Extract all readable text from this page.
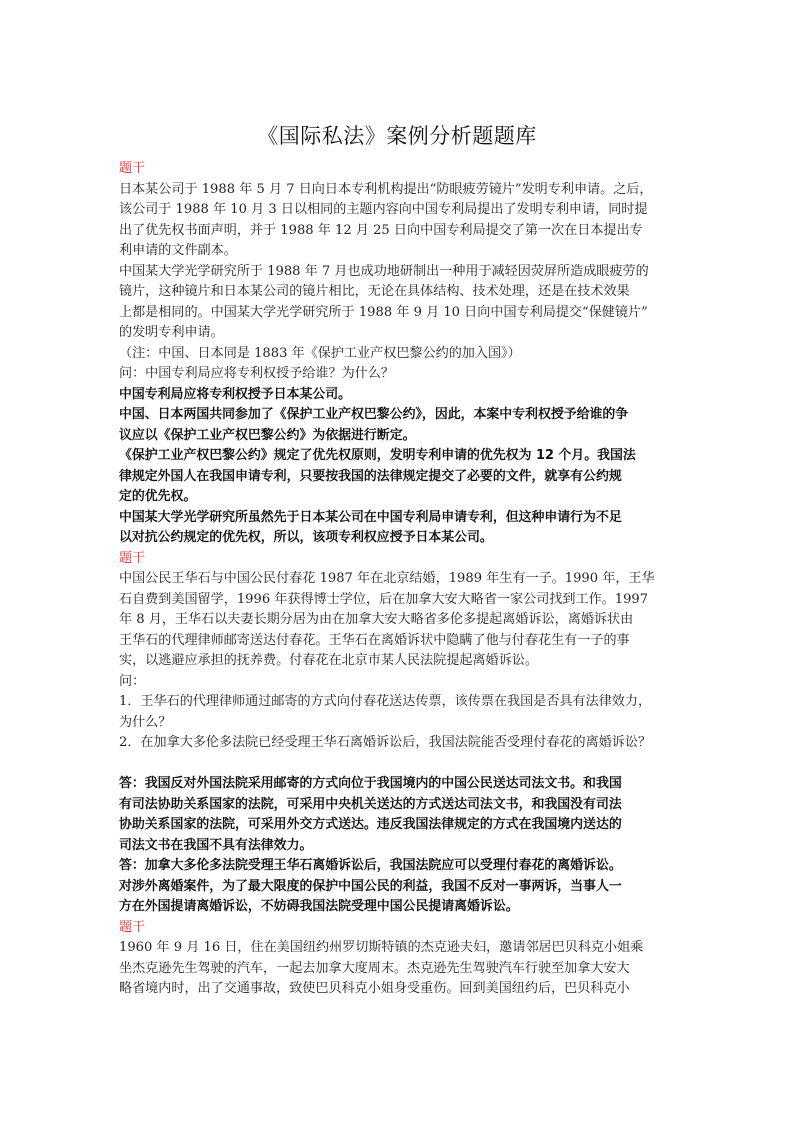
《国际私法》案例分析题题库
题干
日本某公司于 1988 年 5 月 7 日向日本专利机构提出“防眼疲劳镜片”发明专利申请。之后，
该公司于 1988 年 10 月 3 日以相同的主题内容向中国专利局提出了发明专利申请，同时提
出了优先权书面声明，并于 1988 年 12 月 25 日向中国专利局提交了第一次在日本提出专
利申请的文件副本。
中国某大学光学研究所于 1988 年 7 月也成功地研制出一种用于减轻因荧屏所造成眼疲劳的
镜片，这种镜片和日本某公司的镜片相比，无论在具体结构、技术处理，还是在技术效果
上都是相同的。中国某大学光学研究所于 1988 年 9 月 10 日向中国专利局提交“保健镜片”
的发明专利申请。
（注：中国、日本同是 1883 年《保护工业产权巴黎公约的加入国》）
问：中国专利局应将专利权授予给谁？为什么？
中国专利局应将专利权授予日本某公司。
中国、日本两国共同参加了《保护工业产权巴黎公约》，因此，本案中专利权授予给谁的争
议应以《保护工业产权巴黎公约》为依据进行断定。
《保护工业产权巴黎公约》规定了优先权原则，发明专利申请的优先权为 12 个月。我国法
律规定外国人在我国申请专利，只要按我国的法律规定提交了必要的文件，就享有公约规
定的优先权。
中国某大学光学研究所虽然先于日本某公司在中国专利局申请专利，但这种申请行为不足
以对抗公约规定的优先权，所以，该项专利权应授予日本某公司。
题干
中国公民王华石与中国公民付春花 1987 年在北京结婚，1989 年生有一子。1990 年，王华
石自费到美国留学，1996 年获得博士学位，后在加拿大安大略省一家公司找到工作。1997
年 8 月，王华石以夫妻长期分居为由在加拿大安大略省多伦多提起离婚诉讼，离婚诉状由
王华石的代理律师邮寄送达付春花。王华石在离婚诉状中隐瞒了他与付春花生有一子的事
实，以逃避应承担的抚养费。付春花在北京市某人民法院提起离婚诉讼。
问：
1．王华石的代理律师通过邮寄的方式向付春花送达传票，该传票在我国是否具有法律效力，
为什么？
2．在加拿大多伦多法院已经受理王华石离婚诉讼后，我国法院能否受理付春花的离婚诉讼？
答：我国反对外国法院采用邮寄的方式向位于我国境内的中国公民送达司法文书。和我国
有司法协助关系国家的法院，可采用中央机关送达的方式送达司法文书，和我国没有司法
协助关系国家的法院，可采用外交方式送达。违反我国法律规定的方式在我国境内送达的
司法文书在我国不具有法律效力。
答：加拿大多伦多法院受理王华石离婚诉讼后，我国法院应可以受理付春花的离婚诉讼。
对涉外离婚案件，为了最大限度的保护中国公民的利益，我国不反对一事两诉，当事人一
方在外国提请离婚诉讼，不妨碍我国法院受理中国公民提请离婚诉讼。
题干
1960 年 9 月 16 日，住在美国纽约州罗切斯特镇的杰克逊夫妇，邀请邻居巴贝科克小姐乘
坐杰克逊先生驾驶的汽车，一起去加拿大度周末。杰克逊先生驾驶汽车行驶至加拿大安大
略省境内时，出了交通事故，致使巴贝科克小姐身受重伤。回到美国纽约后，巴贝科克小
